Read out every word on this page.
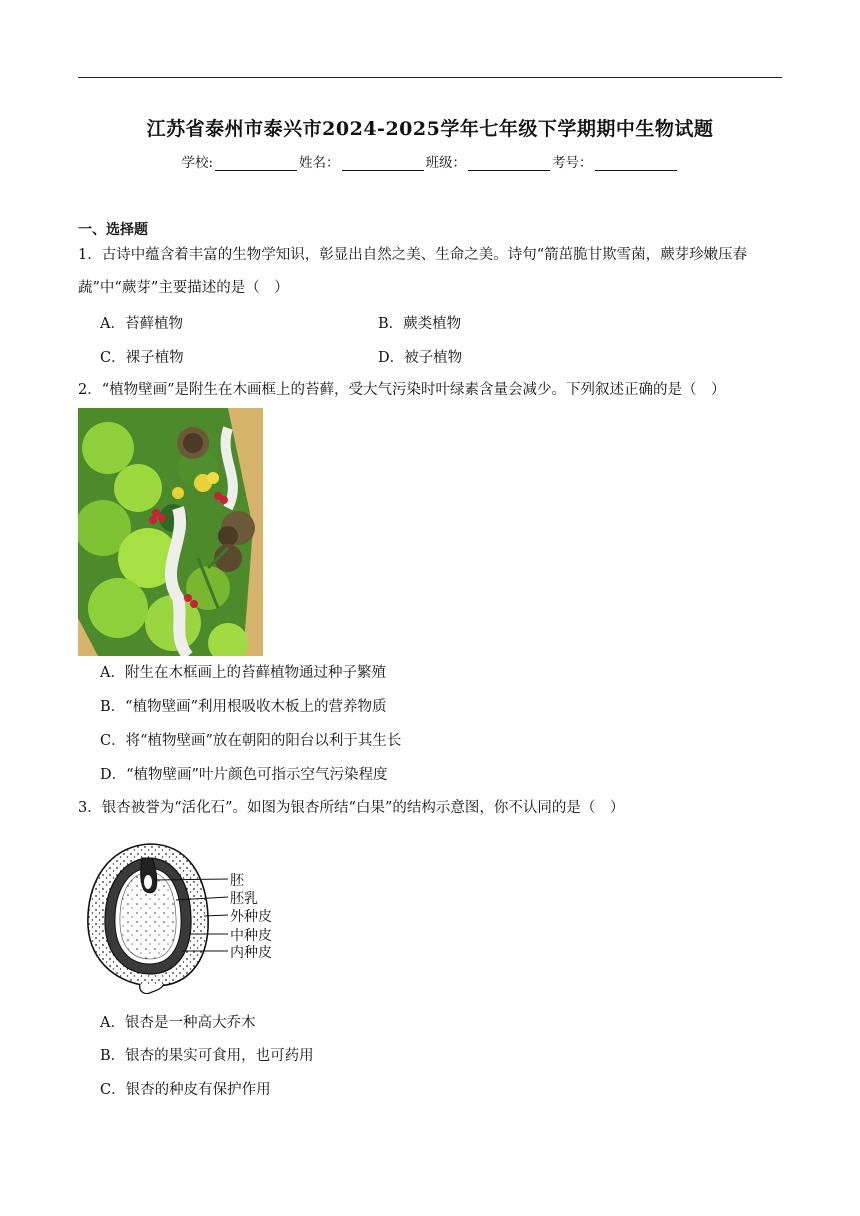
江苏省泰州市泰兴市2024-2025学年七年级下学期期中生物试题
学校:	姓名：	班级：	考号：
一、选择题
1．古诗中蕴含着丰富的生物学知识，彰显出自然之美、生命之美。诗句“箭茁脆甘欺雪菌，蕨芽珍嫩压春
蔬”中“蕨芽”主要描述的是（　）
A．苔藓植物	B．蕨类植物
C．裸子植物	D．被子植物
2．“植物壁画”是附生在木画框上的苔藓，受大气污染时叶绿素含量会减少。下列叙述正确的是（　）
A．附生在木框画上的苔藓植物通过种子繁殖
B．“植物壁画”利用根吸收木板上的营养物质
C．将“植物壁画”放在朝阳的阳台以利于其生长
D．“植物壁画”叶片颜色可指示空气污染程度
3．银杏被誉为“活化石”。如图为银杏所结“白果”的结构示意图，你不认同的是（　）
胚
胚乳
外种皮
中种皮
内种皮
A．银杏是一种高大乔木
B．银杏的果实可食用，也可药用
C．银杏的种皮有保护作用
